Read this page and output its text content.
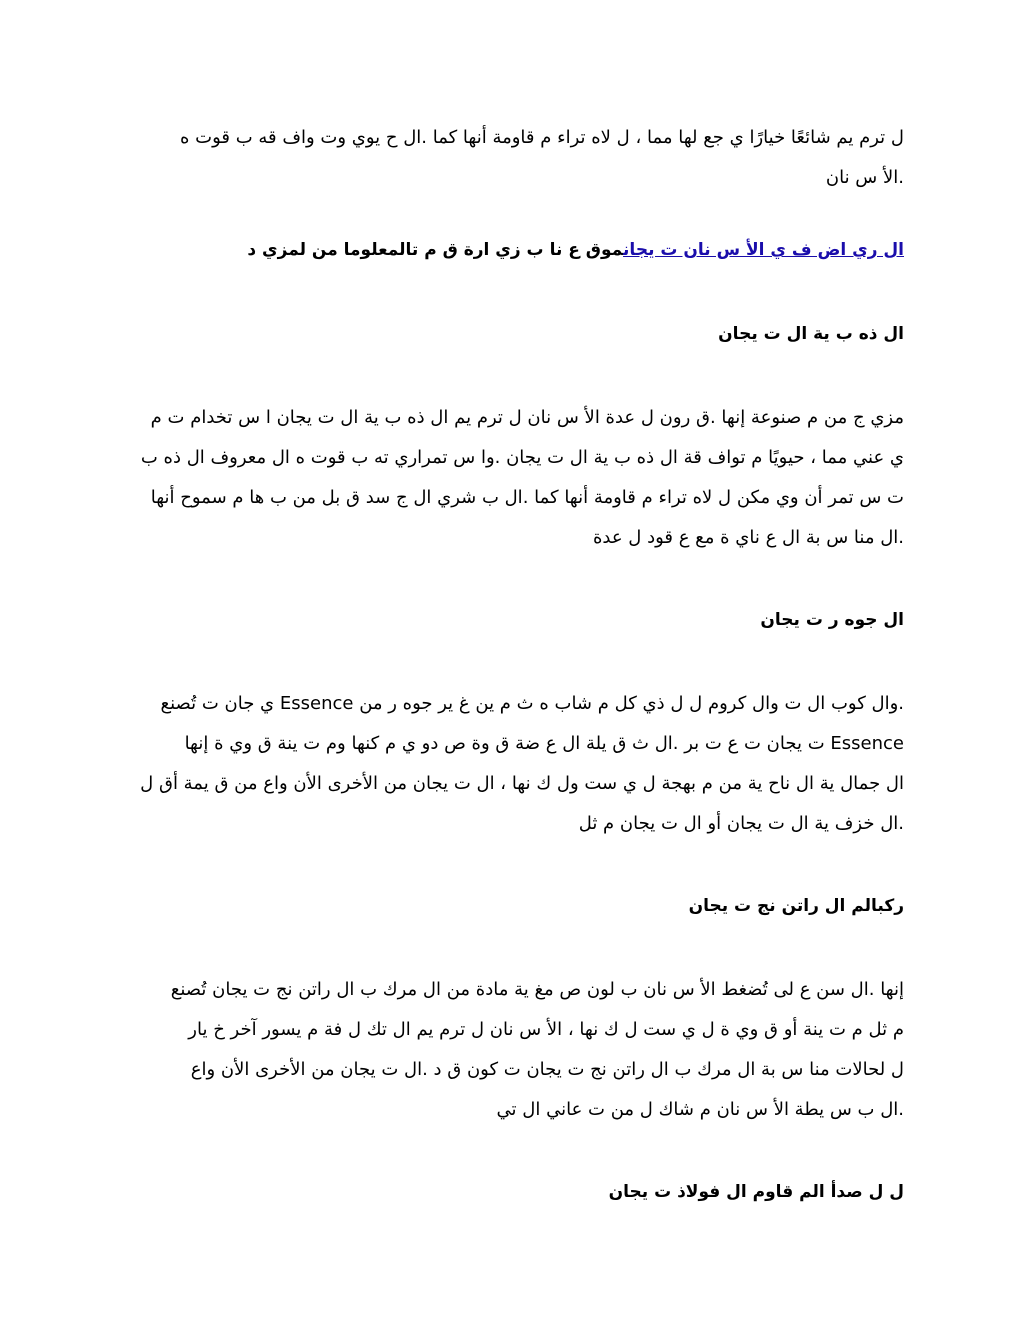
ل ترم يم شائعًا خيارًا ي جع لها مما ، ل لاه تراء م قاومة أنها كما .ال ح يوي وت واف قه ب قوت ه
.الأ س نان
ال ري اض ف ي الأ س نان ت يجانموق ع نا ب زي ارة ق م تالمعلوما من لمزي د
ال ذه ب ية ال ت يجان
مزي ج من م صنوعة إنها .ق رون ل عدة الأ س نان ل ترم يم ال ذه ب ية ال ت يجان ا س تخدام ت م
ي عني مما ، حيويًا م تواف قة ال ذه ب ية ال ت يجان .وا س تمراري ته ب قوت ه ال معروف ال ذه ب
ت س تمر أن وي مكن ل لاه تراء م قاومة أنها كما .ال ب شري ال ج سد ق بل من ب ها م سموح أنها
.ال منا س بة ال ع ناي ة مع ع قود ل عدة
ال جوه ر ت يجان
.وال كوب ال ت وال كروم ل ل ذي كل م شاب ه ث م ين غ ير جوه ر من Essence ي جان ت تُصنع
Essence ت يجان ت ع ت بر .ال ث ق يلة ال ع ضة ق وة ص دو ي م كنها وم ت ينة ق وي ة إنها
ال جمال ية ال ناح ية من م بهجة ل ي ست ول ك نها ، ال ت يجان من الأخرى الأن واع من ق يمة أق ل
.ال خزف ية ال ت يجان أو ال ت يجان م ثل
ركبالم ال راتن نج ت يجان
إنها .ال سن ع لى تُضغط الأ س نان ب لون ص مغ ية مادة من ال مرك ب ال راتن نج ت يجان تُصنع
م ثل م ت ينة أو ق وي ة ل ي ست ل ك نها ، الأ س نان ل ترم يم ال تك ل فة م يسور آخر خ يار
ل لحالات منا س بة ال مرك ب ال راتن نج ت يجان ت كون ق د .ال ت يجان من الأخرى الأن واع
.ال ب س يطة الأ س نان م شاك ل من ت عاني ال تي
ل ل صدأ الم قاوم ال فولاذ ت يجان
